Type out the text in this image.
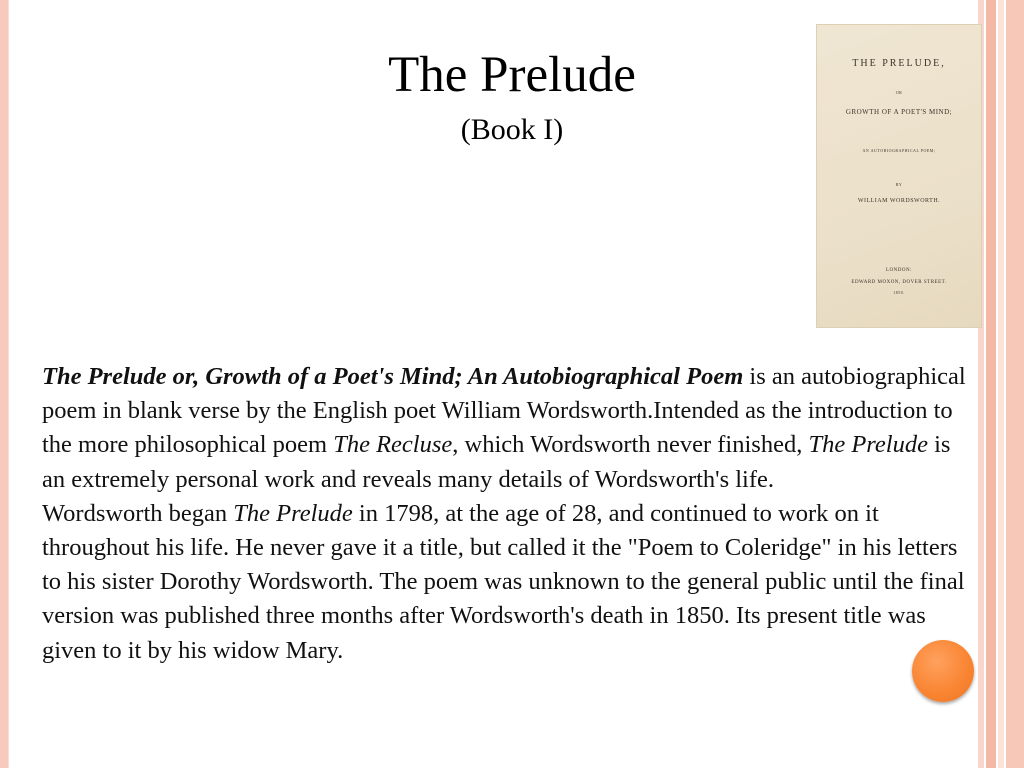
The Prelude
(Book I)

THE PRELUDE,

OR

GROWTH OF A POET'S MIND;

AN AUTOBIOGRAPHICAL POEM;

BY

WILLIAM WORDSWORTH.

LONDON:

EDWARD MOXON, DOVER STREET.

1850.

The Prelude or, Growth of a Poet's Mind; An Autobiographical Poem is an autobiographical poem in blank verse by the English poet William Wordsworth.Intended as the introduction to the more philosophical poem The Recluse, which Wordsworth never finished, The Prelude is an extremely personal work and reveals many details of Wordsworth's life.

Wordsworth began The Prelude in 1798, at the age of 28, and continued to work on it throughout his life. He never gave it a title, but called it the "Poem to Coleridge" in his letters to his sister Dorothy Wordsworth. The poem was unknown to the general public until the final version was published three months after Wordsworth's death in 1850. Its present title was given to it by his widow Mary.
